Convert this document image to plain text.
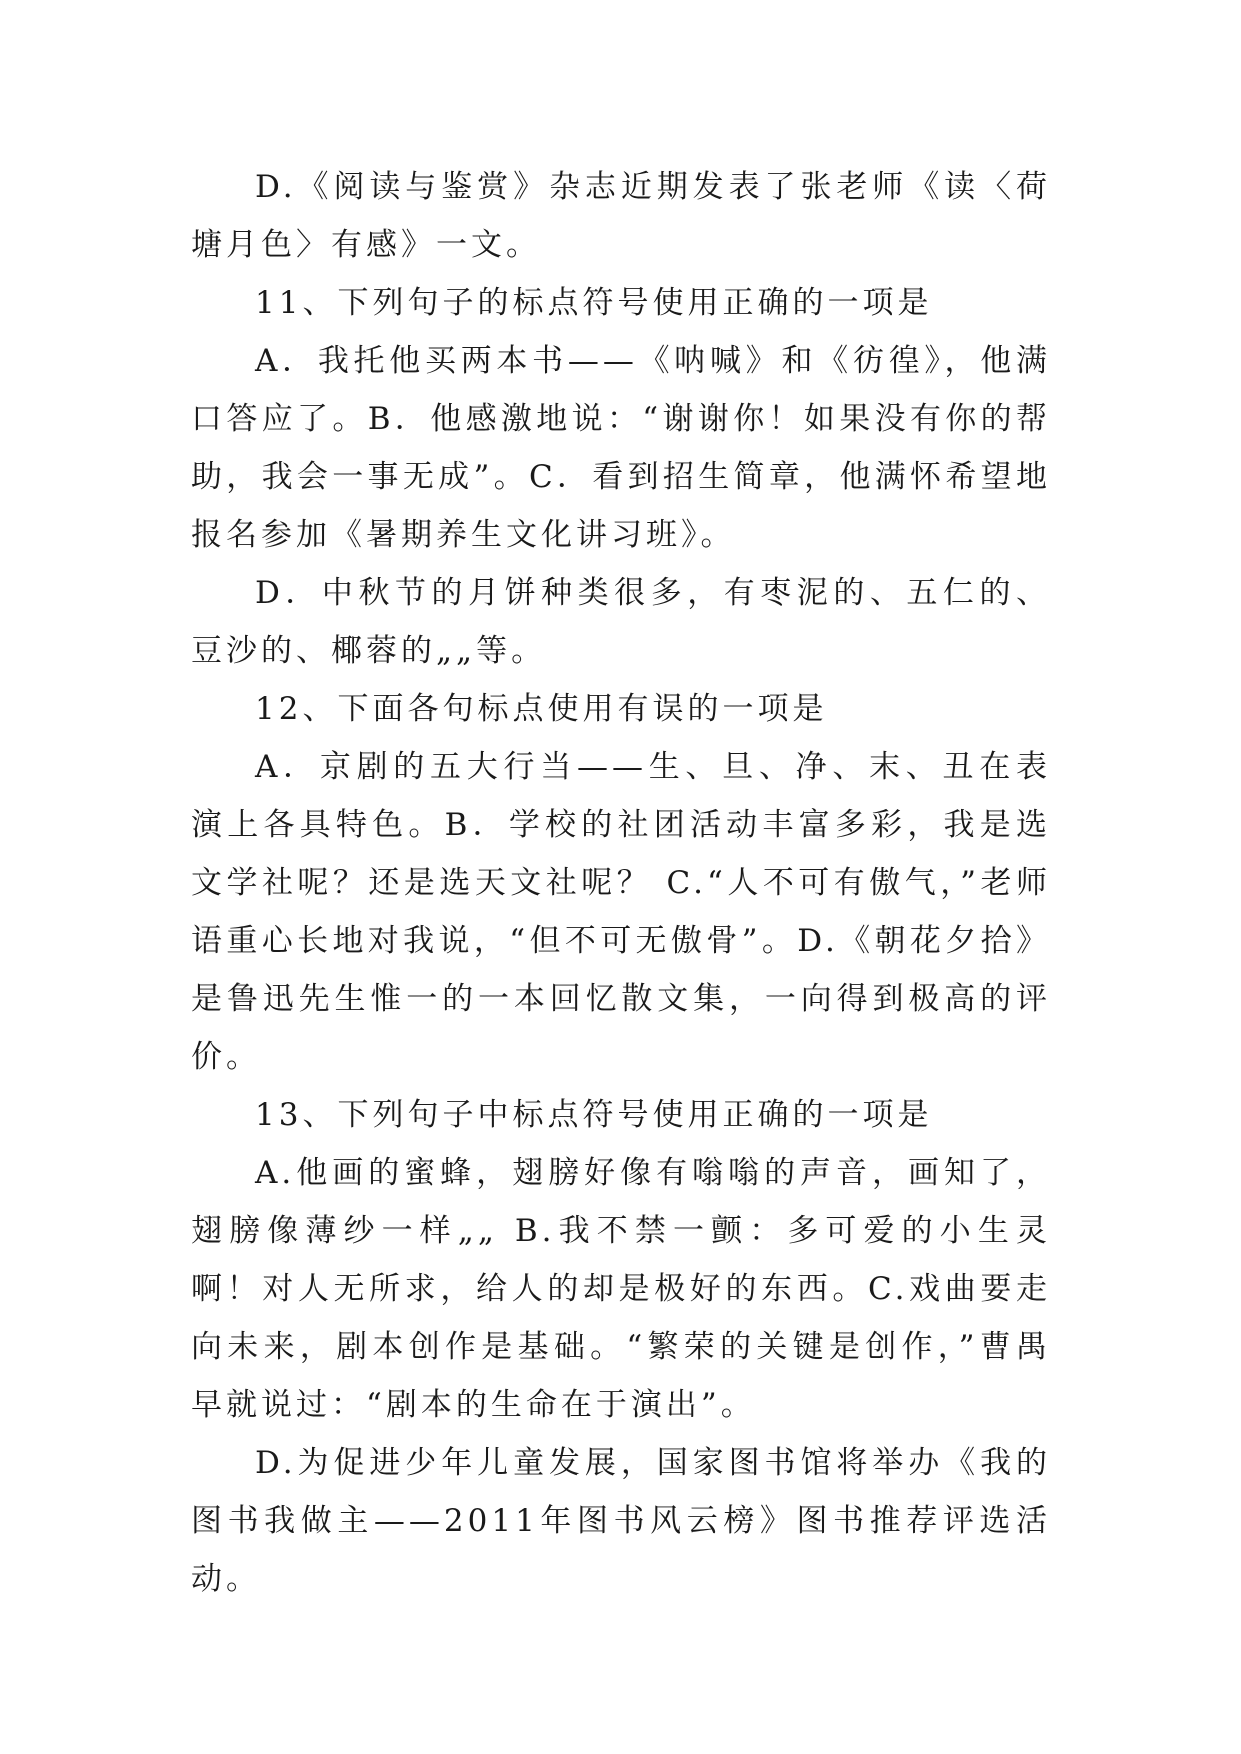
D.《阅读与鉴赏》杂志近期发表了张老师《读〈荷塘月色〉有感》一文。

11、下列句子的标点符号使用正确的一项是

A．我托他买两本书——《呐喊》和《彷徨》，他满口答应了。B．他感激地说：“谢谢你！如果没有你的帮助，我会一事无成”。C．看到招生简章，他满怀希望地报名参加《暑期养生文化讲习班》。

D．中秋节的月饼种类很多，有枣泥的、五仁的、豆沙的、椰蓉的„„等。

12、下面各句标点使用有误的一项是

A．京剧的五大行当——生、旦、净、末、丑在表演上各具特色。B．学校的社团活动丰富多彩，我是选文学社呢？还是选天文社呢？ C.“人不可有傲气，”老师语重心长地对我说，“但不可无傲骨”。D.《朝花夕拾》是鲁迅先生惟一的一本回忆散文集，一向得到极高的评价。

13、下列句子中标点符号使用正确的一项是

A.他画的蜜蜂，翅膀好像有嗡嗡的声音，画知了，翅膀像薄纱一样„„ B.我不禁一颤：多可爱的小生灵啊！对人无所求，给人的却是极好的东西。C.戏曲要走向未来，剧本创作是基础。“繁荣的关键是创作，”曹禺早就说过：“剧本的生命在于演出”。

D.为促进少年儿童发展，国家图书馆将举办《我的图书我做主——2011年图书风云榜》图书推荐评选活动。
